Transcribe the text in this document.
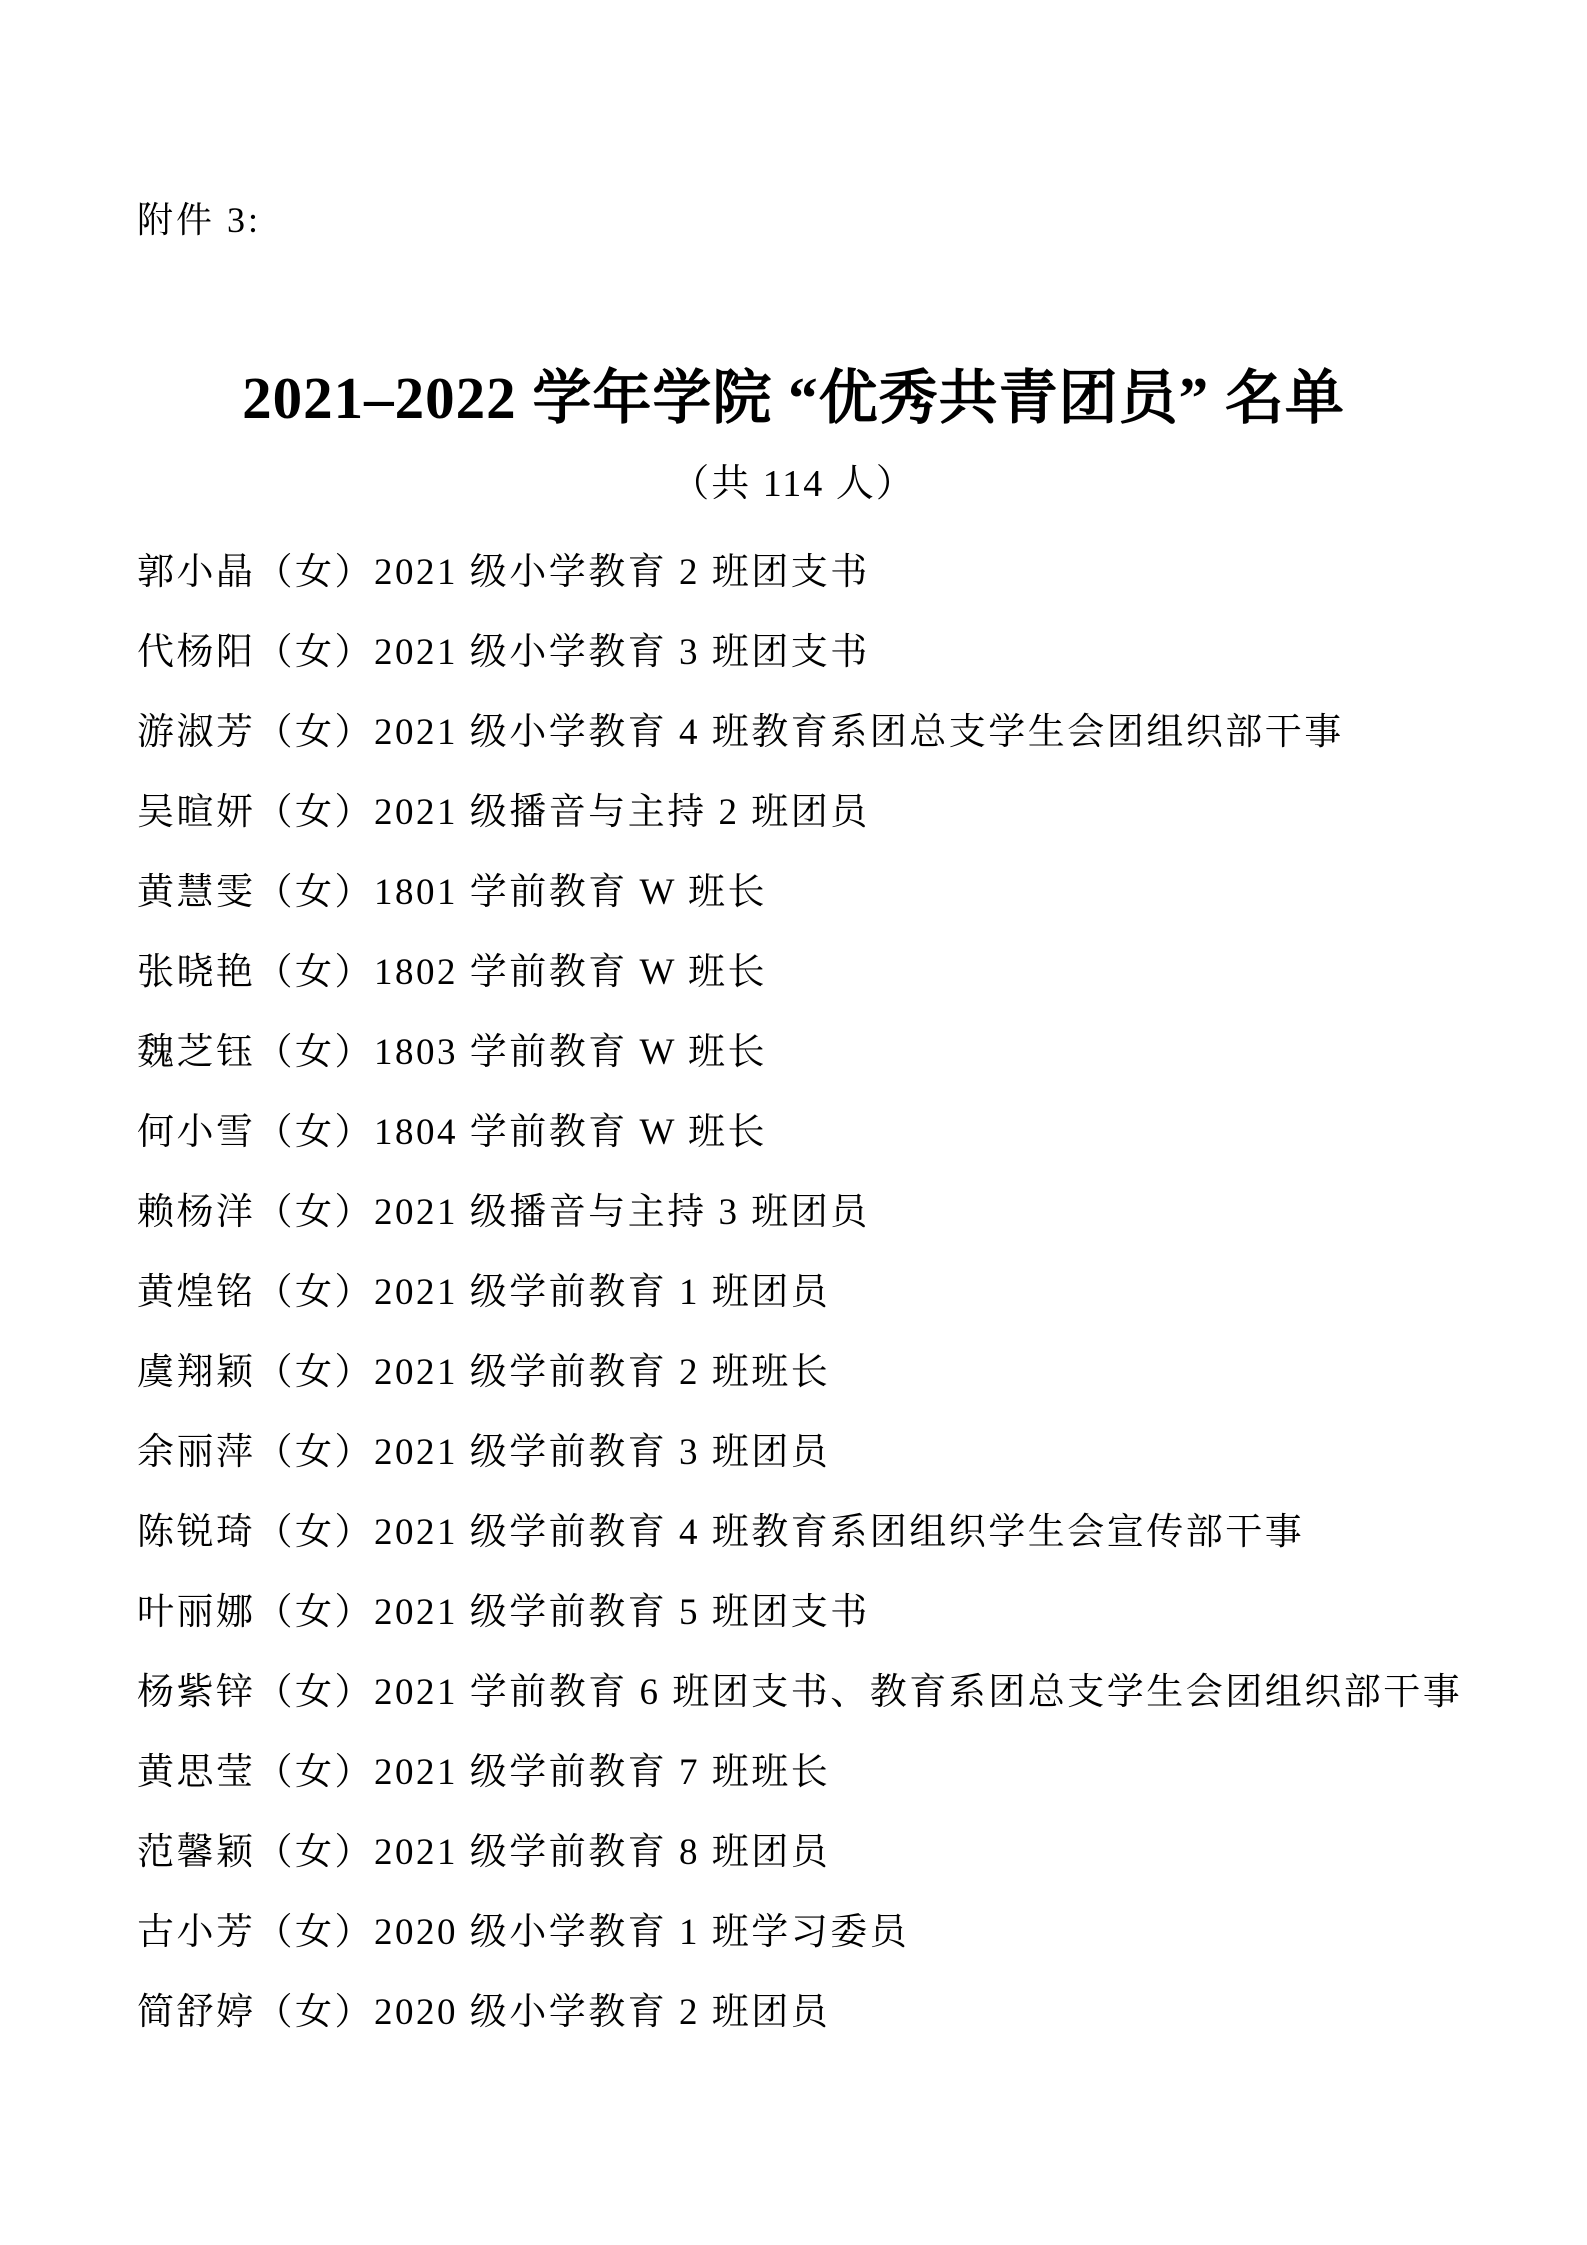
附件 3:
2021–2022 学年学院 “优秀共青团员” 名单
（共 114 人）
郭小晶（女）2021 级小学教育 2 班团支书
代杨阳（女）2021 级小学教育 3 班团支书
游淑芳（女）2021 级小学教育 4 班教育系团总支学生会团组织部干事
吴暄妍（女）2021 级播音与主持 2 班团员
黄慧雯（女）1801 学前教育 W 班长
张晓艳（女）1802 学前教育 W 班长
魏芝钰（女）1803 学前教育 W 班长
何小雪（女）1804 学前教育 W 班长
赖杨洋（女）2021 级播音与主持 3 班团员
黄煌铭（女）2021 级学前教育 1 班团员
虞翔颖（女）2021 级学前教育 2 班班长
余丽萍（女）2021 级学前教育 3 班团员
陈锐琦（女）2021 级学前教育 4 班教育系团组织学生会宣传部干事
叶丽娜（女）2021 级学前教育 5 班团支书
杨紫锌（女）2021 学前教育 6 班团支书、教育系团总支学生会团组织部干事
黄思莹（女）2021 级学前教育 7 班班长
范馨颖（女）2021 级学前教育 8 班团员
古小芳（女）2020 级小学教育 1 班学习委员
简舒婷（女）2020 级小学教育 2 班团员
